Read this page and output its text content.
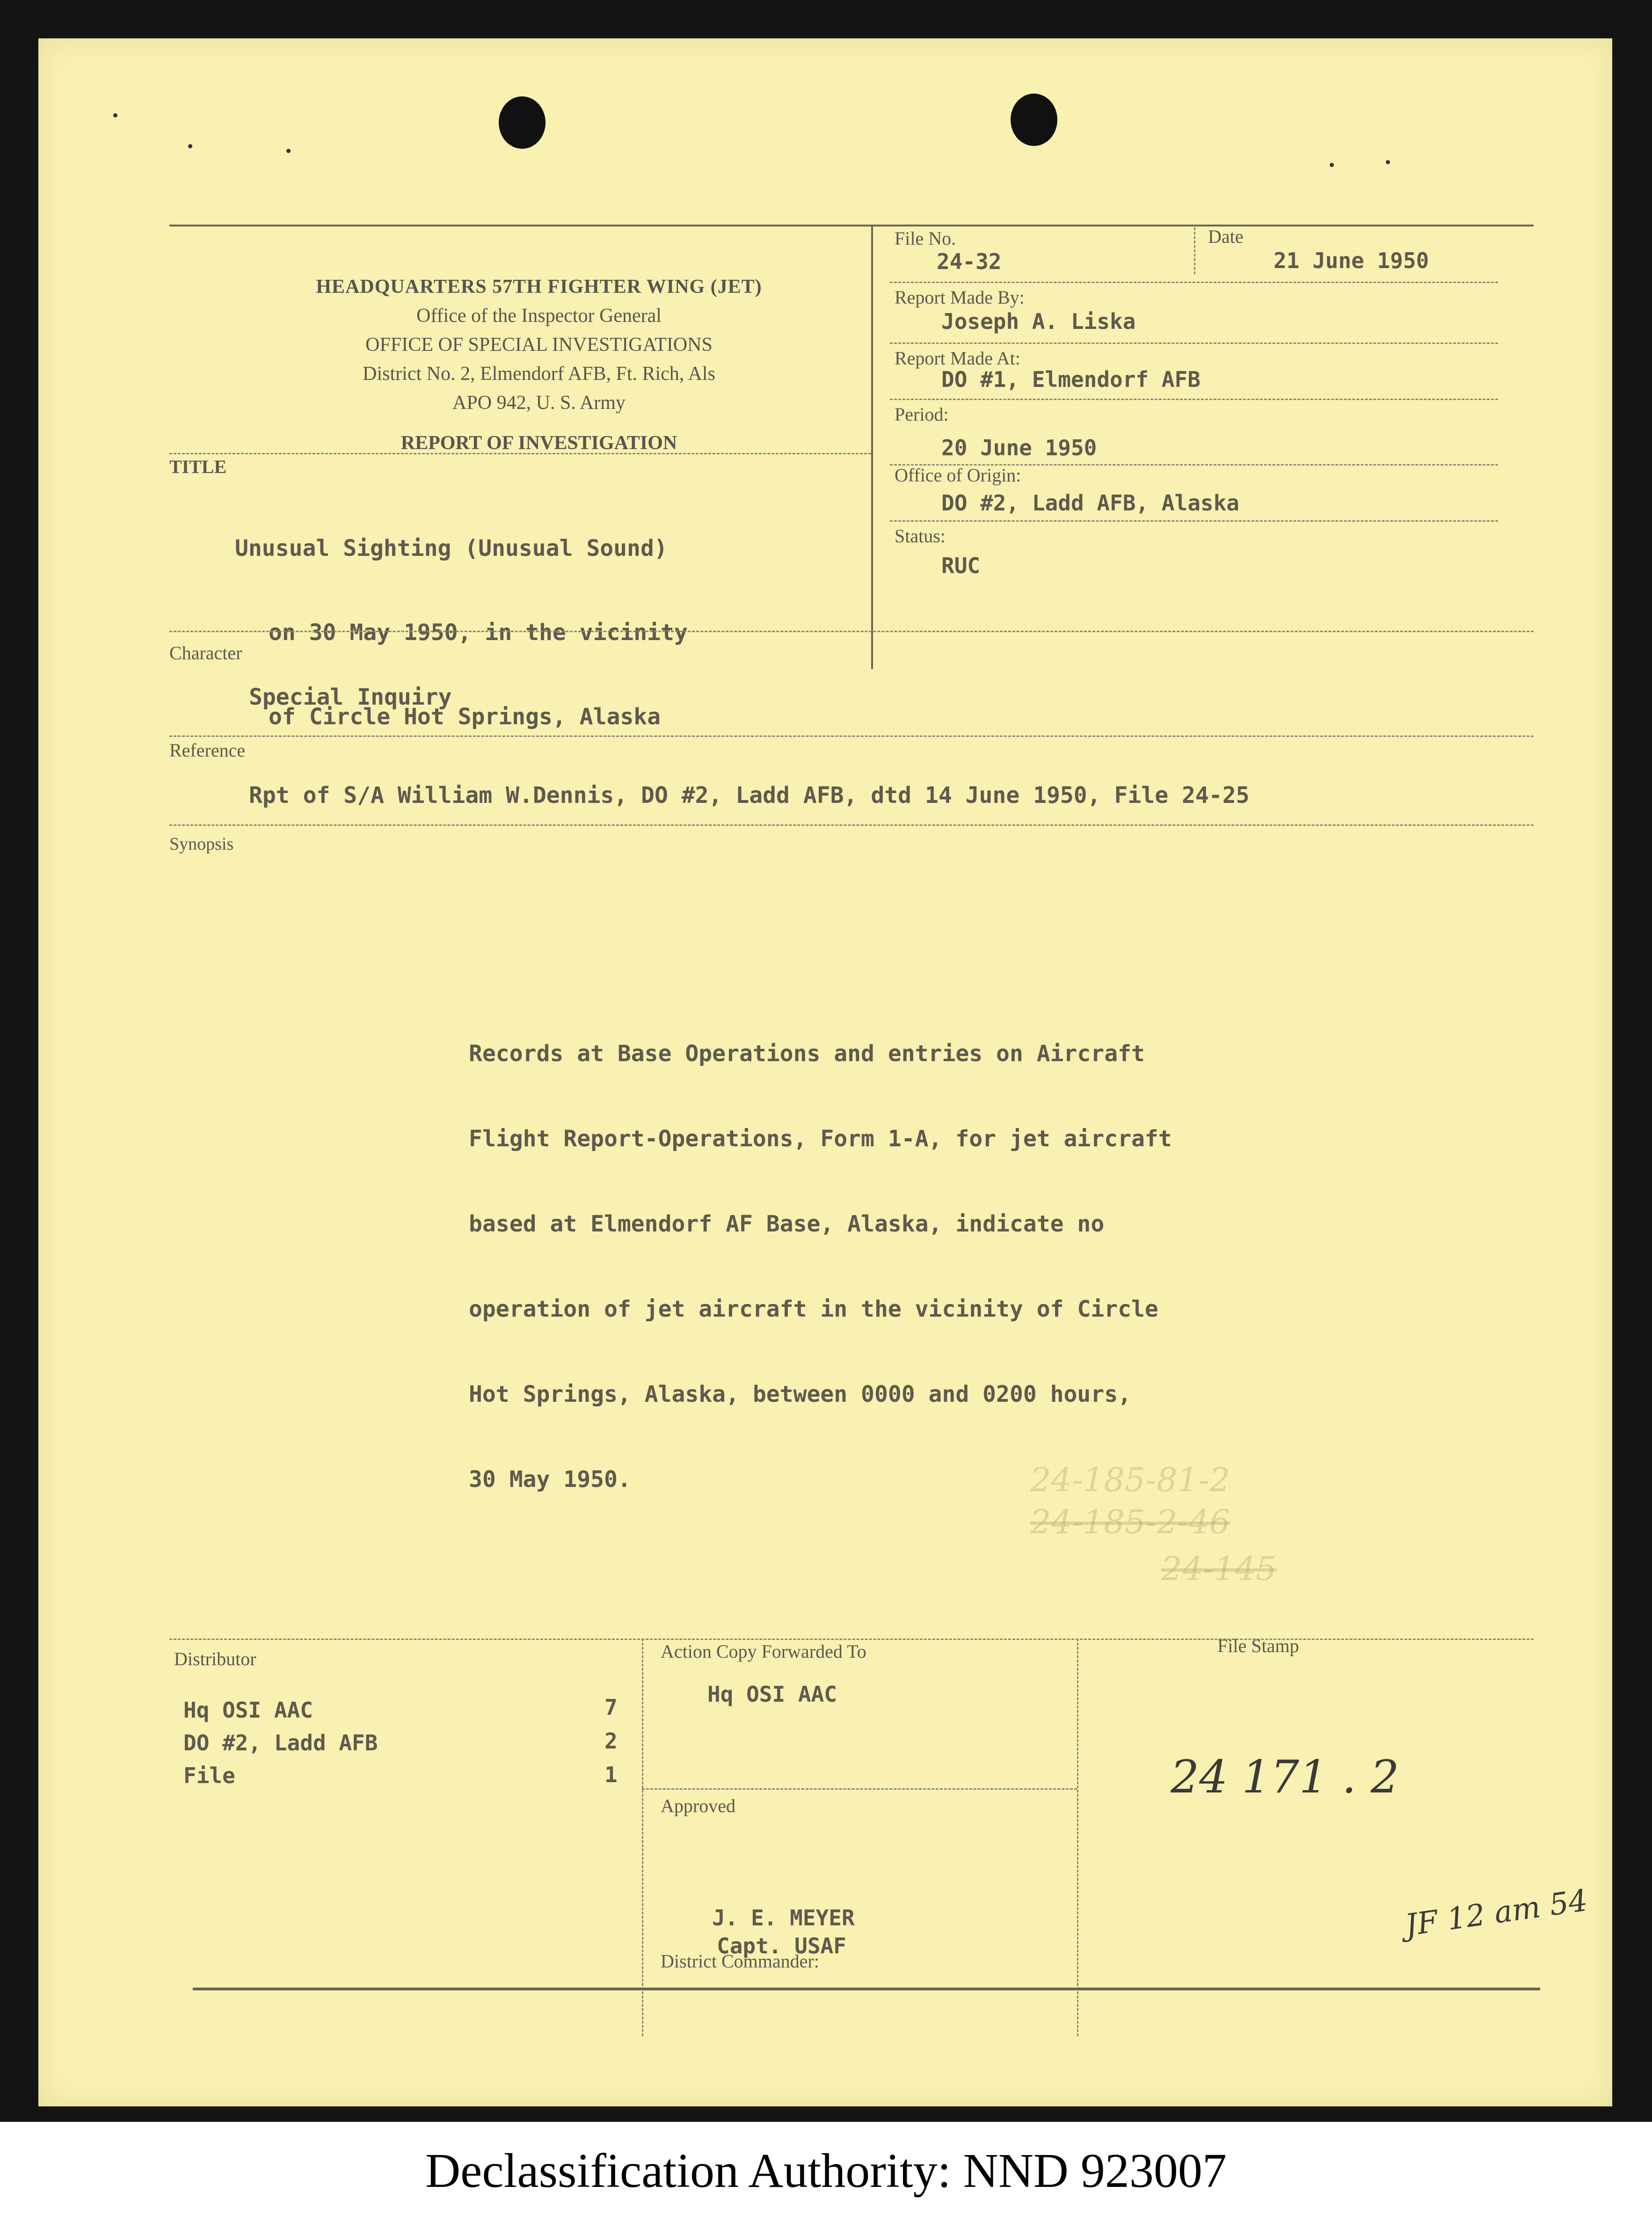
HEADQUARTERS 57TH FIGHTER WING (JET)
Office of the Inspector General
OFFICE OF SPECIAL INVESTIGATIONS
District No. 2, Elmendorf AFB, Ft. Rich, Als
APO 942, U. S. Army
REPORT OF INVESTIGATION
File No.
24-32
Date
21 June 1950
Report Made By:
Joseph A. Liska
Report Made At:
DO #1, Elmendorf AFB
Period:
20 June 1950
Office of Origin:
DO #2, Ladd AFB, Alaska
Status:
RUC
TITLE

Unusual Sighting (Unusual Sound)

on 30 May 1950, in the vicinity

of Circle Hot Springs, Alaska

Character
Special Inquiry
Reference
Rpt of S/A William W.Dennis, DO #2, Ladd AFB, dtd 14 June 1950, File 24-25
Synopsis

Records at Base Operations and entries on Aircraft

Flight Report-Operations, Form 1-A, for jet aircraft

based at Elmendorf AF Base, Alaska, indicate no

operation of jet aircraft in the vicinity of Circle

Hot Springs, Alaska, between 0000 and 0200 hours,

30 May 1950.

	24-185-81-2
24-185-2-46
24-145
Distributor
Hq OSI AAC	7
DO #2, Ladd AFB	2
File	1
Action Copy Forwarded To
Hq OSI AAC
File Stamp
24 171 . 2
Approved
J. E. MEYER
Capt. USAF
District Commander:
JF 12 am 54
Declassification Authority: NND 923007
